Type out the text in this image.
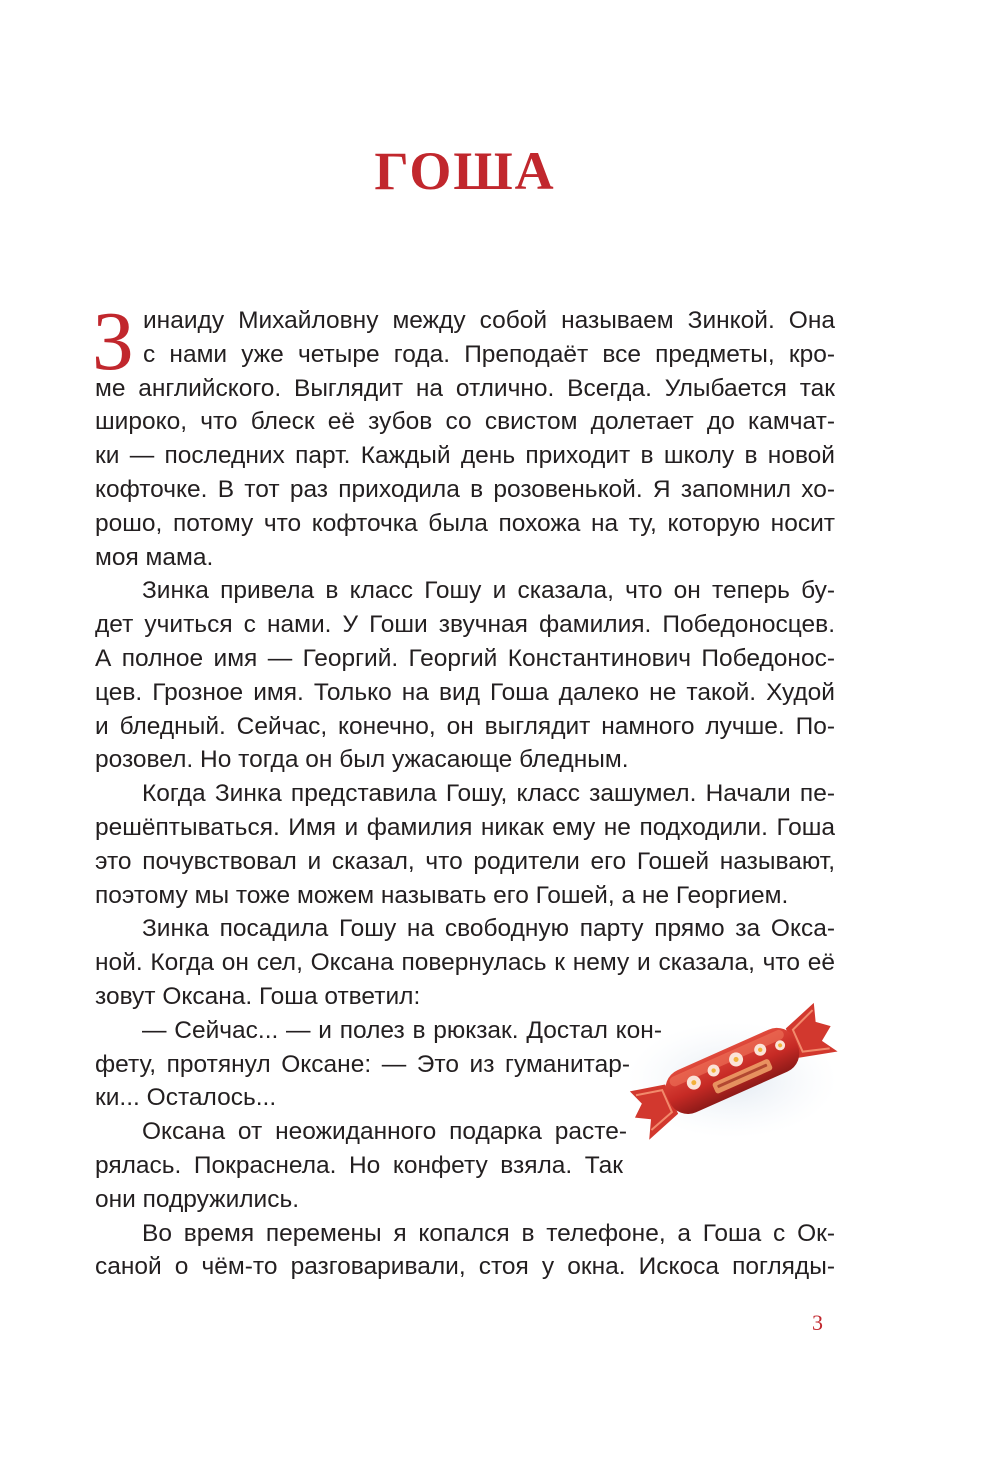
ГОША
З инаиду Михайловну между собой называем Зинкой. Она
с нами уже четыре года. Преподаёт все предметы, кро-
ме английского. Выглядит на отлично. Всегда. Улыбается так
широко, что блеск её зубов со свистом долетает до камчат-
ки — последних парт. Каждый день приходит в школу в новой
кофточке. В тот раз приходила в розовенькой. Я запомнил хо-
рошо, потому что кофточка была похожа на ту, которую носит
моя мама.
Зинка привела в класс Гошу и сказала, что он теперь бу-
дет учиться с нами. У Гоши звучная фамилия. Победоносцев.
А полное имя — Георгий. Георгий Константинович Победонос-
цев. Грозное имя. Только на вид Гоша далеко не такой. Худой
и бледный. Сейчас, конечно, он выглядит намного лучше. По-
розовел. Но тогда он был ужасающе бледным.
Когда Зинка представила Гошу, класс зашумел. Начали пе-
решёптываться. Имя и фамилия никак ему не подходили. Гоша
это почувствовал и сказал, что родители его Гошей называют,
поэтому мы тоже можем называть его Гошей, а не Георгием.
Зинка посадила Гошу на свободную парту прямо за Окса-
ной. Когда он сел, Оксана повернулась к нему и сказала, что её
зовут Оксана. Гоша ответил:
— Сейчас... — и полез в рюкзак. Достал кон-
фету, протянул Оксане: — Это из гуманитар-
ки... Осталось...
Оксана от неожиданного подарка расте-
рялась. Покраснела. Но конфету взяла. Так
они подружились.
Во время перемены я копался в телефоне, а Гоша с Ок-
саной о чём-то разговаривали, стоя у окна. Искоса погляды-
3
